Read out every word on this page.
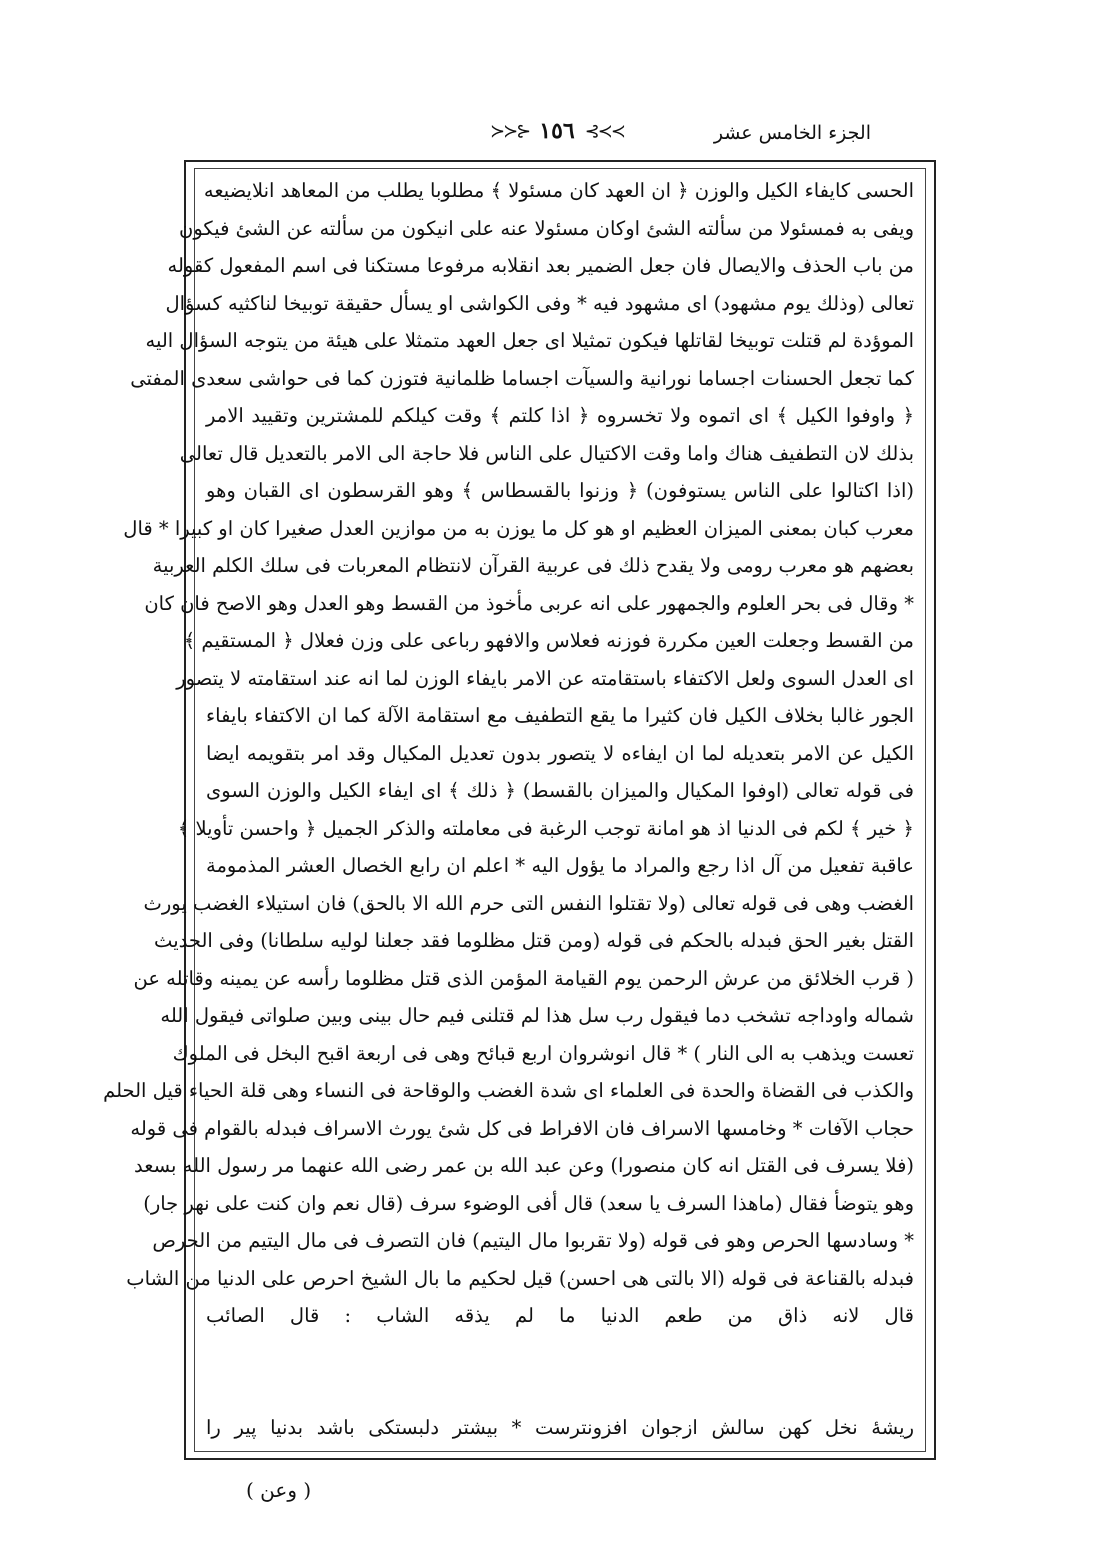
الجزء الخامس عشر
≻≻⊱ ١٥٦ ⊰≺≺
الحسى كايفاء الكيل والوزن ﴿ ان العهد كان مسئولا ﴾ مطلوبا يطلب من المعاهد انلايضيعه
ويفى به فمسئولا من سألته الشئ اوكان مسئولا عنه على انيكون من سألته عن الشئ فيكون
من باب الحذف والايصال فان جعل الضمير بعد انقلابه مرفوعا مستكنا فى اسم المفعول كقوله
تعالى (وذلك يوم مشهود) اى مشهود فيه * وفى الكواشى او يسأل حقيقة توبيخا لناكثيه كسؤال
الموؤدة لم قتلت توبيخا لقاتلها فيكون تمثيلا اى جعل العهد متمثلا على هيئة من يتوجه السؤال اليه
كما تجعل الحسنات اجساما نورانية والسيآت اجساما ظلمانية فتوزن كما فى حواشى سعدى المفتى
﴿ واوفوا الكيل ﴾ اى اتموه ولا تخسروه ﴿ اذا كلتم ﴾ وقت كيلكم للمشترين وتقييد الامر
بذلك لان التطفيف هناك واما وقت الاكتيال على الناس فلا حاجة الى الامر بالتعديل قال تعالى
(اذا اكتالوا على الناس يستوفون) ﴿ وزنوا بالقسطاس ﴾ وهو القرسطون اى القبان وهو
معرب كبان بمعنى الميزان العظيم او هو كل ما يوزن به من موازين العدل صغيرا كان او كبيرا * قال
بعضهم هو معرب رومى ولا يقدح ذلك فى عربية القرآن لانتظام المعربات فى سلك الكلم العربية
* وقال فى بحر العلوم والجمهور على انه عربى مأخوذ من القسط وهو العدل وهو الاصح فان كان
من القسط وجعلت العين مكررة فوزنه فعلاس والافهو رباعى على وزن فعلال ﴿ المستقيم ﴾
اى العدل السوى ولعل الاكتفاء باستقامته عن الامر بايفاء الوزن لما انه عند استقامته لا يتصور
الجور غالبا بخلاف الكيل فان كثيرا ما يقع التطفيف مع استقامة الآلة كما ان الاكتفاء بايفاء
الكيل عن الامر بتعديله لما ان ايفاءه لا يتصور بدون تعديل المكيال وقد امر بتقويمه ايضا
فى قوله تعالى (اوفوا المكيال والميزان بالقسط) ﴿ ذلك ﴾ اى ايفاء الكيل والوزن السوى
﴿ خير ﴾ لكم فى الدنيا اذ هو امانة توجب الرغبة فى معاملته والذكر الجميل ﴿ واحسن تأويلا ﴾
عاقبة تفعيل من آل اذا رجع والمراد ما يؤول اليه * اعلم ان رابع الخصال العشر المذمومة
الغضب وهى فى قوله تعالى (ولا تقتلوا النفس التى حرم الله الا بالحق) فان استيلاء الغضب يورث
القتل بغير الحق فبدله بالحكم فى قوله (ومن قتل مظلوما فقد جعلنا لوليه سلطانا) وفى الحديث
( قرب الخلائق من عرش الرحمن يوم القيامة المؤمن الذى قتل مظلوما رأسه عن يمينه وقاتله عن
شماله واوداجه تشخب دما فيقول رب سل هذا لم قتلنى فيم حال بينى وبين صلواتى فيقول الله
تعست ويذهب به الى النار ) * قال انوشروان اربع قبائح وهى فى اربعة اقبح البخل فى الملوك
والكذب فى القضاة والحدة فى العلماء اى شدة الغضب والوقاحة فى النساء وهى قلة الحياء قيل الحلم
حجاب الآفات * وخامسها الاسراف فان الافراط فى كل شئ يورث الاسراف فبدله بالقوام فى قوله
(فلا يسرف فى القتل انه كان منصورا) وعن عبد الله بن عمر رضى الله عنهما مر رسول الله بسعد
وهو يتوضأ فقال (ماهذا السرف يا سعد) قال أفى الوضوء سرف (قال نعم وان كنت على نهر جار)
* وسادسها الحرص وهو فى قوله (ولا تقربوا مال اليتيم) فان التصرف فى مال اليتيم من الحرص
فبدله بالقناعة فى قوله (الا بالتى هى احسن) قيل لحكيم ما بال الشيخ احرص على الدنيا من الشاب
قال لانه ذاق من طعم الدنيا ما لم يذقه الشاب : قال الصائب
ريشهٔ نخل كهن سالش ازجوان افزونترست * بيشتر دلبستكى باشد بدنيا پير را
( وعن )
